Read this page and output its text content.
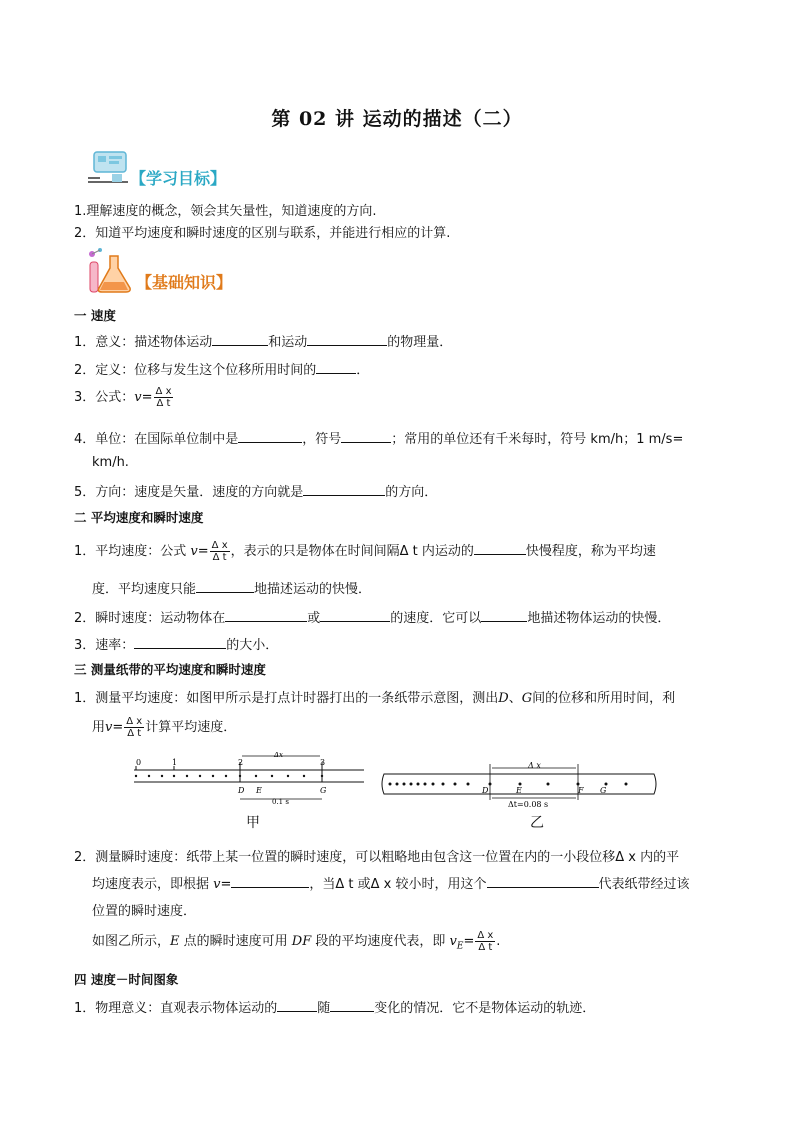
第 02 讲 运动的描述（二）
【学习目标】
1.理解速度的概念，领会其矢量性，知道速度的方向.
2．知道平均速度和瞬时速度的区别与联系，并能进行相应的计算.
【基础知识】
一 速度
1．意义：描述物体运动	和运动	的物理量．
2．定义：位移与发生这个位移所用时间的	．
3．公式：$v= \frac{\text{Δ x}}{\text{Δ t}}$
4．单位：在国际单位制中是	，符号	；常用的单位还有千米每时，符号 km/h；1 m/s=
km/h.
5．方向：速度是矢量．速度的方向就是	的方向．
二 平均速度和瞬时速度
1．平均速度：公式 $v= \frac{\text{Δ x}}{\text{Δ t}}$ ，表示的只是物体在时间间隔Δ t 内运动的	快慢程度，称为平均速
度．平均速度只能	地描述运动的快慢．
2．瞬时速度：运动物体在	或	的速度．它可以	地描述物体运动的快慢．
3．速率：	的大小．
三 测量纸带的平均速度和瞬时速度
1．测量平均速度：如图甲所示是打点计时器打出的一条纸带示意图，测出D、G间的位移和所用时间，利
用$v= \frac{\text{Δ x}}{\text{Δ t}}$ 计算平均速度．
0	1	2	3
Δx
D E	G
0.1 s
甲
Δ x
D	E	F G
Δt=0.08 s
乙
2．测量瞬时速度：纸带上某一位置的瞬时速度，可以粗略地由包含这一位置在内的一小段位移Δ x 内的平
均速度表示，即根据 v=	，当Δ t 或Δ x 较小时，用这个	代表纸带经过该
位置的瞬时速度．
如图乙所示，E 点的瞬时速度可用 DF 段的平均速度代表，即 $v_E= \frac{\text{Δ x}}{\text{Δ t}}$ .
四 速度－时间图象
1．物理意义：直观表示物体运动的	随	变化的情况．它不是物体运动的轨迹．
